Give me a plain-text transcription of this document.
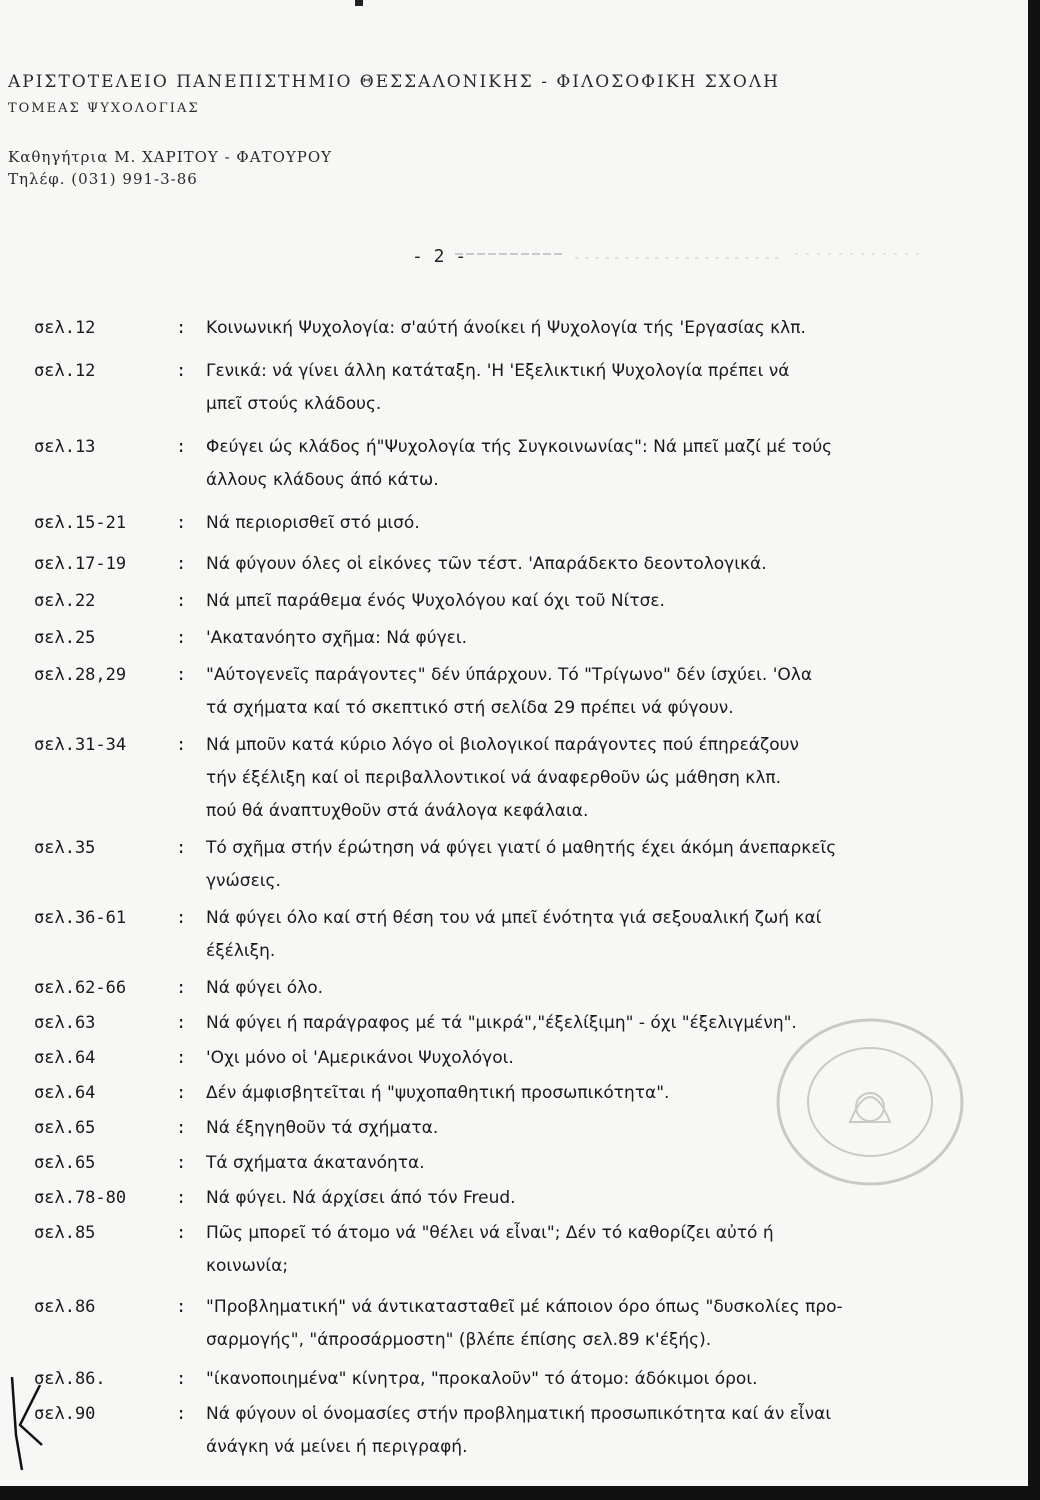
ΑΡΙΣΤΟΤΕΛΕΙΟ ΠΑΝΕΠΙΣΤΗΜΙΟ ΘΕΣΣΑΛΟΝΙΚΗΣ - ΦΙΛΟΣΟΦΙΚΗ ΣΧΟΛΗ
ΤΟΜΕΑΣ ΨΥΧΟΛΟΓΙΑΣ
Καθηγήτρια Μ. ΧΑΡΙΤΟΥ - ΦΑΤΟΥΡΟΥ
Τηλέφ. (031) 991-3-86
- 2 -
σελ.12	:	Κοινωνική Ψυχολογία: σ'αύτή άνοίκει ή Ψυχολογία τής 'Εργασίας κλπ.
σελ.12	:	Γενικά: νά γίνει άλλη κατάταξη. 'Η 'Εξελικτική Ψυχολογία πρέπει νά
μπεῖ στούς κλάδους.
σελ.13	:	Φεύγει ώς κλάδος ή"Ψυχολογία τής Συγκοινωνίας": Νά μπεῖ μαζί μέ τούς
άλλους κλάδους άπό κάτω.
σελ.15-21	:	Νά περιορισθεῖ στό μισό.
σελ.17-19	:	Νά φύγουν όλες οἱ εἰκόνες τῶν τέστ. 'Απαράδεκτο δεοντολογικά.
σελ.22	:	Νά μπεῖ παράθεμα ένός Ψυχολόγου καί όχι τοῦ Νίτσε.
σελ.25	:	'Ακατανόητο σχῆμα: Νά φύγει.
σελ.28,29	:	"Αύτογενεῖς παράγοντες" δέν ύπάρχουν. Τό "Τρίγωνο" δέν ίσχύει. 'Ολα
τά σχήματα καί τό σκεπτικό στή σελίδα 29 πρέπει νά φύγουν.
σελ.31-34	:	Νά μποῦν κατά κύριο λόγο οἱ βιολογικοί παράγοντες πού έπηρεάζουν
τήν έξέλιξη καί οἱ περιβαλλοντικοί νά άναφερθοῦν ώς μάθηση κλπ.
πού θά άναπτυχθοῦν στά άνάλογα κεφάλαια.
σελ.35	:	Τό σχῆμα στήν έρώτηση νά φύγει γιατί ό μαθητής έχει άκόμη άνεπαρκεῖς
γνώσεις.
σελ.36-61	:	Νά φύγει όλο καί στή θέση του νά μπεῖ ένότητα γιά σεξουαλική ζωή καί
έξέλιξη.
σελ.62-66	:	Νά φύγει όλο.
σελ.63	:	Νά φύγει ή παράγραφος μέ τά "μικρά","έξελίξιμη" - όχι "έξελιγμένη".
σελ.64	:	'Οχι μόνο οἱ 'Αμερικάνοι Ψυχολόγοι.
σελ.64	:	Δέν άμφισβητεῖται ή "ψυχοπαθητική προσωπικότητα".
σελ.65	:	Νά έξηγηθοῦν τά σχήματα.
σελ.65	:	Τά σχήματα άκατανόητα.
σελ.78-80	:	Νά φύγει. Νά άρχίσει άπό τόν Freud.
σελ.85	:	Πῶς μπορεῖ τό άτομο νά "θέλει νά εἶναι"; Δέν τό καθορίζει αὐτό ή
κοινωνία;
σελ.86	:	"Προβληματική" νά άντικατασταθεῖ μέ κάποιον όρο όπως "δυσκολίες προ-
σαρμογής", "άπροσάρμοστη" (βλέπε έπίσης σελ.89 κ'έξής).
σελ.86.	:	"ίκανοποιημένα" κίνητρα, "προκαλοῦν" τό άτομο: άδόκιμοι όροι.
σελ.90	:	Νά φύγουν οἱ όνομασίες στήν προβληματική προσωπικότητα καί άν εἶναι
άνάγκη νά μείνει ή περιγραφή.
